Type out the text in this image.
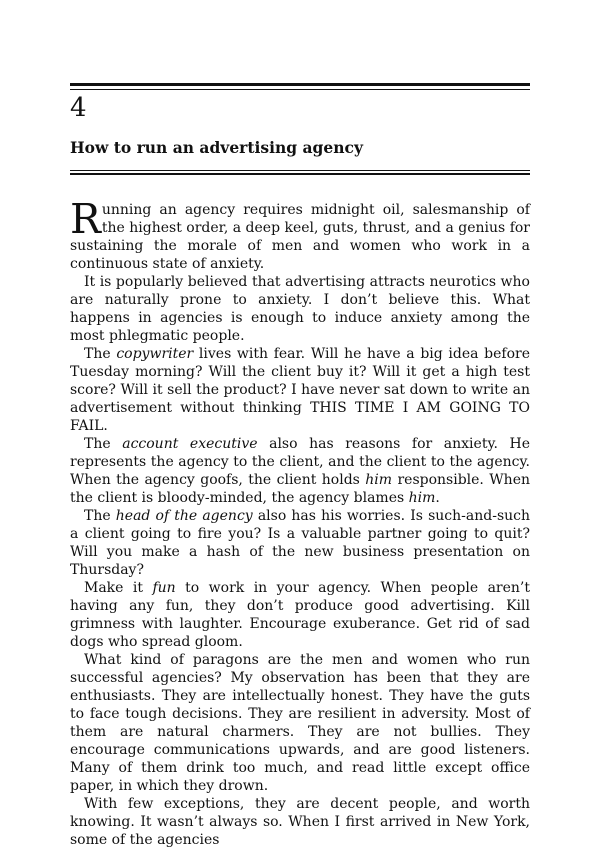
4
How to run an advertising agency

Running an agency requires midnight oil, salesmanship of the highest order, a deep keel, guts, thrust, and a genius for sustaining the morale of men and women who work in a continuous state of anxiety.

It is popularly believed that advertising attracts neurotics who are naturally prone to anxiety. I don’t believe this. What happens in agencies is enough to induce anxiety among the most phlegmatic people.

The copywriter lives with fear. Will he have a big idea before Tuesday morning? Will the client buy it? Will it get a high test score? Will it sell the product? I have never sat down to write an advertisement without thinking THIS TIME I AM GOING TO FAIL.

The account executive also has reasons for anxiety. He represents the agency to the client, and the client to the agency. When the agency goofs, the client holds him responsible. When the client is bloody-minded, the agency blames him.

The head of the agency also has his worries. Is such-and-such a client going to fire you? Is a valuable partner going to quit? Will you make a hash of the new business presentation on Thursday?

Make it fun to work in your agency. When people aren’t having any fun, they don’t produce good advertising. Kill grimness with laughter. Encourage exuberance. Get rid of sad dogs who spread gloom.

What kind of paragons are the men and women who run successful agencies? My observation has been that they are enthusiasts. They are intellectually honest. They have the guts to face tough decisions. They are resilient in adversity. Most of them are natural charmers. They are not bullies. They encourage communications upwards, and are good listeners. Many of them drink too much, and read little except office paper, in which they drown.

With few exceptions, they are decent people, and worth knowing. It wasn’t always so. When I first arrived in New York, some of the agencies
